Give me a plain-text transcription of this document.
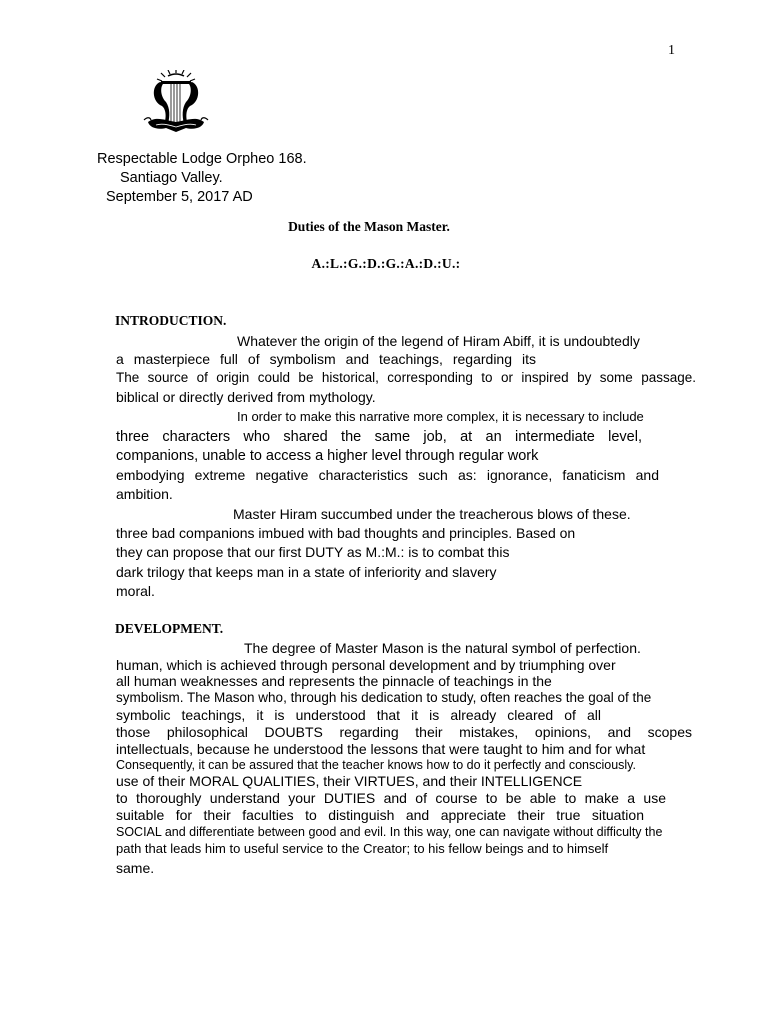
1
Respectable Lodge Orpheo 168.
Santiago Valley.
September 5, 2017 AD
Duties of the Mason Master.
A.:L.:G.:D.:G.:A.:D.:U.:
INTRODUCTION.
Whatever the origin of the legend of Hiram Abiff, it is undoubtedly
a masterpiece full of symbolism and teachings, regarding its
The source of origin could be historical, corresponding to or inspired by some passage.
biblical or directly derived from mythology.
In order to make this narrative more complex, it is necessary to include
three characters who shared the same job, at an intermediate level,
companions, unable to access a higher level through regular work
embodying extreme negative characteristics such as: ignorance, fanaticism and
ambition.
Master Hiram succumbed under the treacherous blows of these.
three bad companions imbued with bad thoughts and principles. Based on
they can propose that our first DUTY as M.:M.: is to combat this
dark trilogy that keeps man in a state of inferiority and slavery
moral.
DEVELOPMENT.
The degree of Master Mason is the natural symbol of perfection.
human, which is achieved through personal development and by triumphing over
all human weaknesses and represents the pinnacle of teachings in the
symbolism. The Mason who, through his dedication to study, often reaches the goal of the
symbolic teachings, it is understood that it is already cleared of all
those philosophical DOUBTS regarding their mistakes, opinions, and scopes
intellectuals, because he understood the lessons that were taught to him and for what
Consequently, it can be assured that the teacher knows how to do it perfectly and consciously.
use of their MORAL QUALITIES, their VIRTUES, and their INTELLIGENCE
to thoroughly understand your DUTIES and of course to be able to make a use
suitable for their faculties to distinguish and appreciate their true situation
SOCIAL and differentiate between good and evil. In this way, one can navigate without difficulty the
path that leads him to useful service to the Creator; to his fellow beings and to himself
same.
